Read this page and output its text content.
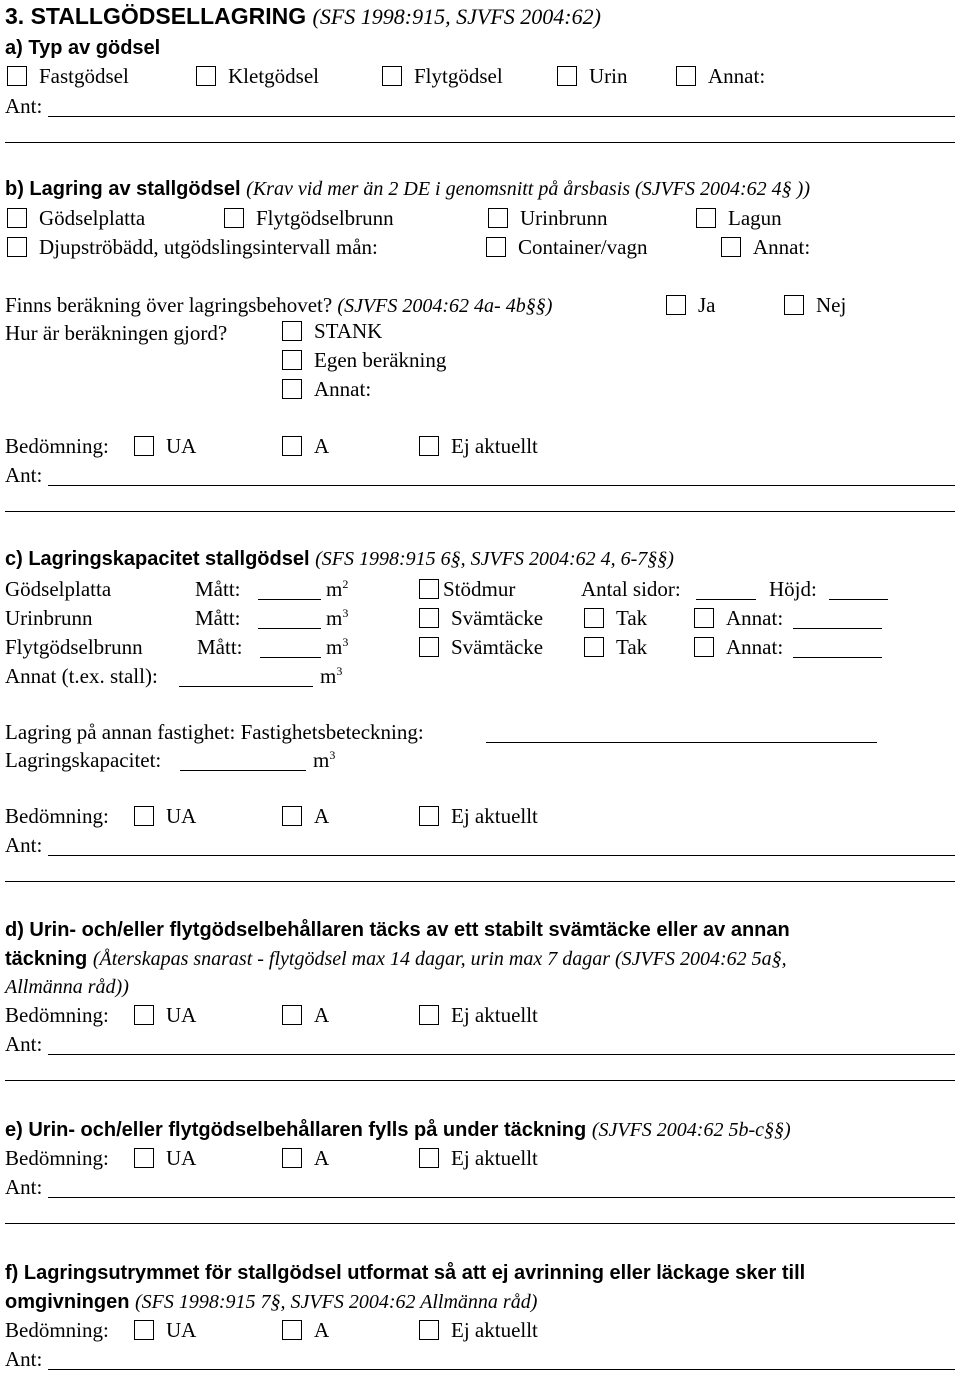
3. STALLGÖDSELLAGRING (SFS 1998:915, SJVFS 2004:62)
a) Typ av gödsel
Fastgödsel	Kletgödsel	Flytgödsel	Urin	Annat:
Ant:
b) Lagring av stallgödsel (Krav vid mer än 2 DE i genomsnitt på årsbasis (SJVFS 2004:62 4§ ))
Gödselplatta	Flytgödselbrunn	Urinbrunn	Lagun
Djupströbädd, utgödslingsintervall mån:	Container/vagn	Annat:
Finns beräkning över lagringsbehovet? (SJVFS 2004:62 4a- 4b§§)	Ja	Nej
Hur är beräkningen gjord?	STANK
Egen beräkning
Annat:
Bedömning:	UA	A	Ej aktuellt
Ant:
c) Lagringskapacitet stallgödsel (SFS 1998:915 6§, SJVFS 2004:62 4, 6-7§§)
Gödselplatta	Mått:	$m^2$	Stödmur	Antal sidor:	Höjd:
Urinbrunn	Mått:	$m^3$	Svämtäcke	Tak	Annat:
Flytgödselbrunn	Mått:	$m^3$	Svämtäcke	Tak	Annat:
Annat (t.ex. stall):	$m^3$
Lagring på annan fastighet: Fastighetsbeteckning:
Lagringskapacitet:	$m^3$
Bedömning:	UA	A	Ej aktuellt
Ant:
d) Urin- och/eller flytgödselbehållaren täcks av ett stabilt svämtäcke eller av annan
täckning (Återskapas snarast - flytgödsel max 14 dagar, urin max 7 dagar (SJVFS 2004:62 5a§,
Allmänna råd))
Bedömning:	UA	A	Ej aktuellt
Ant:
e) Urin- och/eller flytgödselbehållaren fylls på under täckning (SJVFS 2004:62 5b-c§§)
Bedömning:	UA	A	Ej aktuellt
Ant:
f) Lagringsutrymmet för stallgödsel utformat så att ej avrinning eller läckage sker till
omgivningen (SFS 1998:915 7§, SJVFS 2004:62 Allmänna råd)
Bedömning:	UA	A	Ej aktuellt
Ant:
